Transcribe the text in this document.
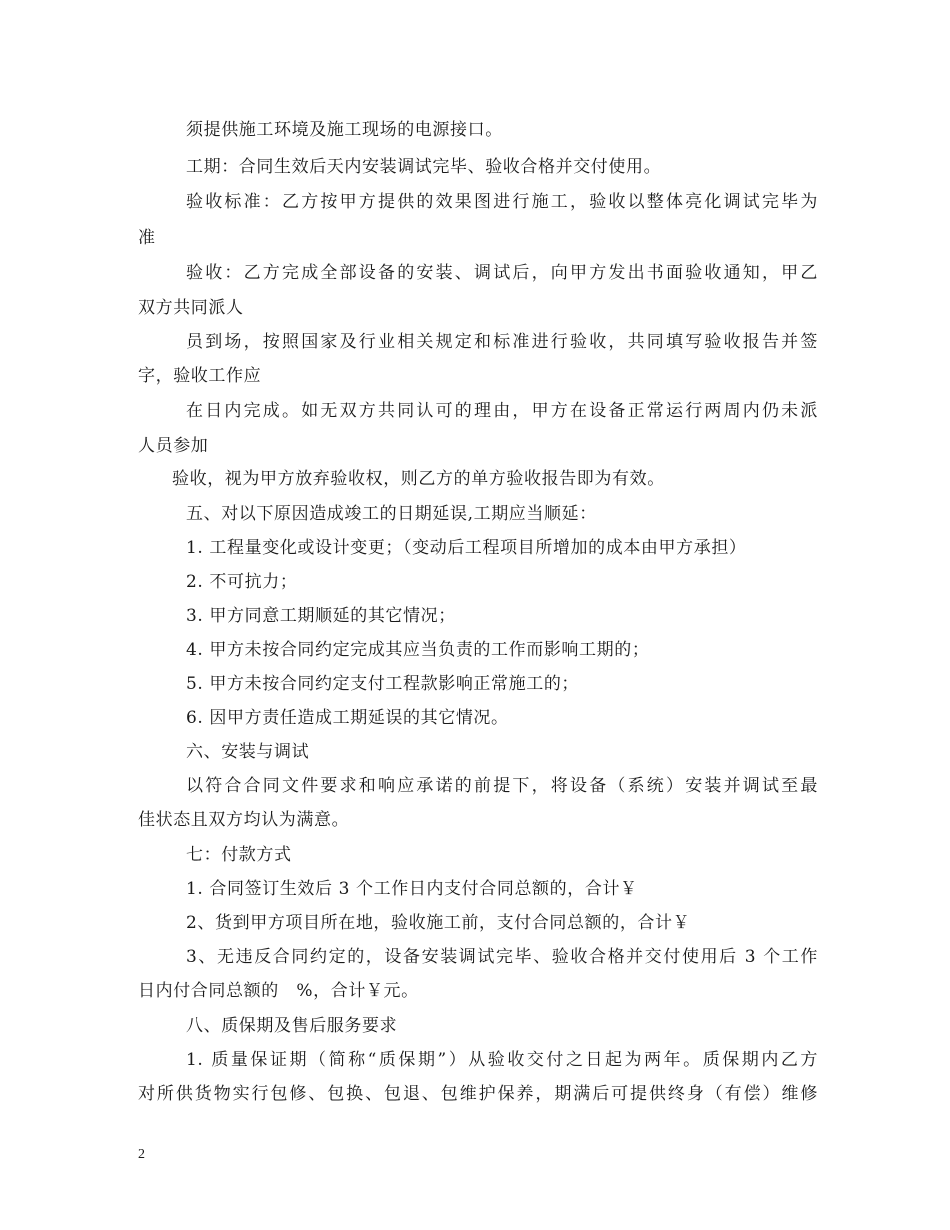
须提供施工环境及施工现场的电源接口。
工期：合同生效后天内安装调试完毕、验收合格并交付使用。
验收标准：乙方按甲方提供的效果图进行施工，验收以整体亮化调试完毕为
准
验收：乙方完成全部设备的安装、调试后，向甲方发出书面验收通知，甲乙
双方共同派人
员到场，按照国家及行业相关规定和标准进行验收，共同填写验收报告并签
字，验收工作应
在日内完成。如无双方共同认可的理由，甲方在设备正常运行两周内仍未派
人员参加
验收，视为甲方放弃验收权，则乙方的单方验收报告即为有效。
五、对以下原因造成竣工的日期延误,工期应当顺延：
1. 工程量变化或设计变更；（变动后工程项目所增加的成本由甲方承担）
2. 不可抗力；
3. 甲方同意工期顺延的其它情况；
4. 甲方未按合同约定完成其应当负责的工作而影响工期的；
5. 甲方未按合同约定支付工程款影响正常施工的；
6. 因甲方责任造成工期延误的其它情况。
六、安装与调试
以符合合同文件要求和响应承诺的前提下，将设备（系统）安装并调试至最
佳状态且双方均认为满意。
七：付款方式
1. 合同签订生效后 3 个工作日内支付合同总额的，合计￥
2、货到甲方项目所在地，验收施工前，支付合同总额的，合计￥
3、无违反合同约定的，设备安装调试完毕、验收合格并交付使用后 3 个工作
日内付合同总额的　%，合计￥元。
八、质保期及售后服务要求
1. 质量保证期（简称“质保期”）从验收交付之日起为两年。质保期内乙方
对所供货物实行包修、包换、包退、包维护保养，期满后可提供终身（有偿）维修
2
